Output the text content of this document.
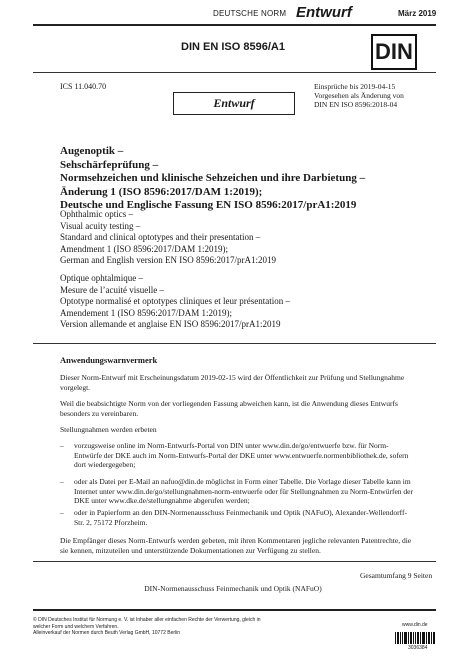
DEUTSCHE NORM Entwurf	März 2019
DIN EN ISO 8596/A1	DIN
ICS 11.040.70	Einsprüche bis 2019-04-15
Vorgesehen als Änderung von
DIN EN ISO 8596:2018-04
Entwurf
Augenoptik –
Sehschärfeprüfung –
Normsehzeichen und klinische Sehzeichen und ihre Darbietung –
Änderung 1 (ISO 8596:2017/DAM 1:2019);
Deutsche und Englische Fassung EN ISO 8596:2017/prA1:2019
Ophthalmic optics –
Visual acuity testing –
Standard and clinical optotypes and their presentation –
Amendment 1 (ISO 8596:2017/DAM 1:2019);
German and English version EN ISO 8596:2017/prA1:2019
Optique ophtalmique –
Mesure de l’acuité visuelle –
Optotype normalisé et optotypes cliniques et leur présentation –
Amendement 1 (ISO 8596:2017/DAM 1:2019);
Version allemande et anglaise EN ISO 8596:2017/prA1:2019
Anwendungswarnvermerk
Dieser Norm-Entwurf mit Erscheinungsdatum 2019-02-15 wird der Öffentlichkeit zur Prüfung und Stellungnahme vorgelegt.
Weil die beabsichtigte Norm von der vorliegenden Fassung abweichen kann, ist die Anwendung dieses Entwurfs besonders zu vereinbaren.
Stellungnahmen werden erbeten
– vorzugsweise online im Norm-Entwurfs-Portal von DIN unter www.din.de/go/entwuerfe bzw. für Norm-Entwürfe der DKE auch im Norm-Entwurfs-Portal der DKE unter www.entwuerfe.normenbibliothek.de, sofern dort wiedergegeben;
– oder als Datei per E-Mail an nafuo@din.de möglichst in Form einer Tabelle. Die Vorlage dieser Tabelle kann im Internet unter www.din.de/go/stellungnahmen-norm-entwuerfe oder für Stellungnahmen zu Norm-Entwürfen der DKE unter www.dke.de/stellungnahme abgerufen werden;
– oder in Papierform an den DIN-Normenausschuss Feinmechanik und Optik (NAFuO), Alexander-Wellendorff-Str. 2, 75172 Pforzheim.
Die Empfänger dieses Norm-Entwurfs werden gebeten, mit ihren Kommentaren jegliche relevanten Patentrechte, die sie kennen, mitzuteilen und unterstützende Dokumentationen zur Verfügung zu stellen.
Gesamtumfang 9 Seiten
DIN-Normenausschuss Feinmechanik und Optik (NAFuO)
© DIN Deutsches Institut für Normung e. V. ist Inhaber aller einfachen Rechte der Verwertung, gleich in
welcher Form und welchem Verfahren.
Alleinverkauf der Normen durch Beuth Verlag GmbH, 10772 Berlin
www.din.de
3036384
